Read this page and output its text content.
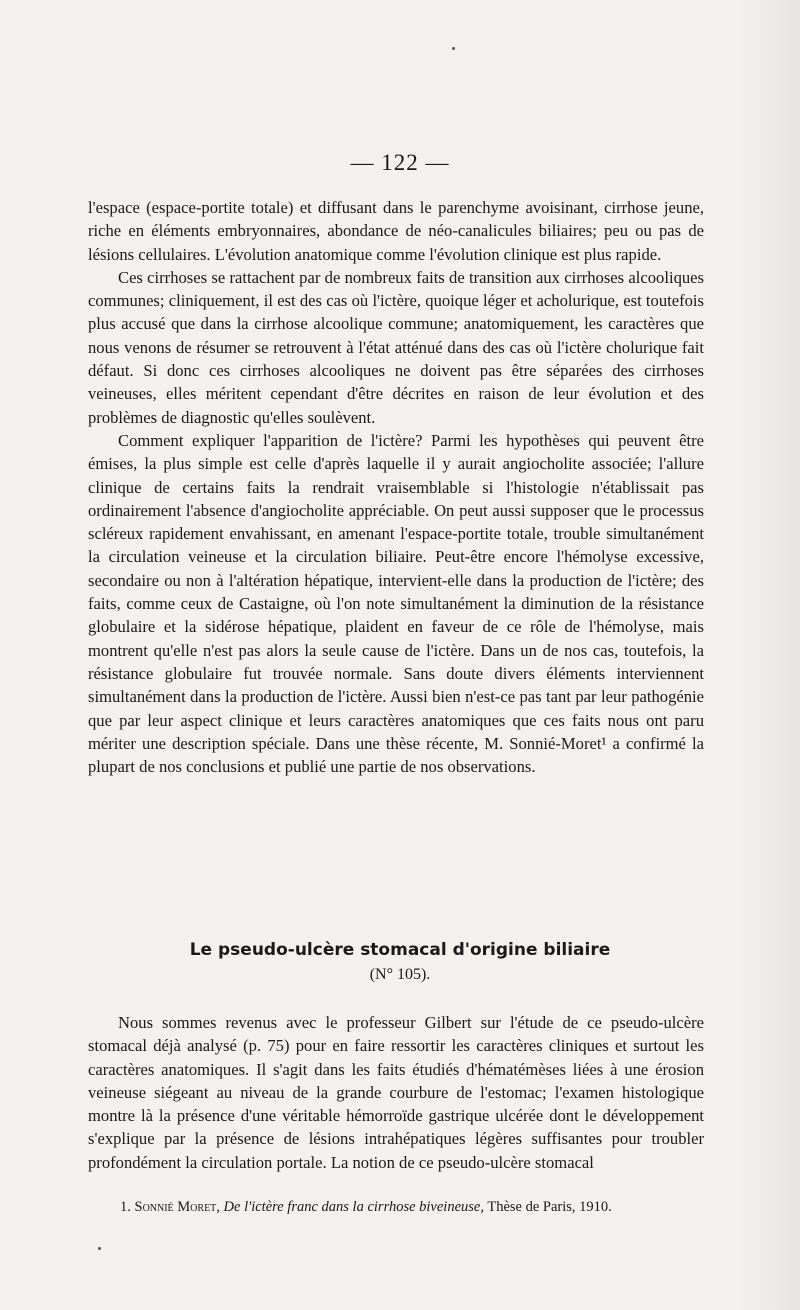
— 122 —

l'espace (espace-portite totale) et diffusant dans le parenchyme avoisinant, cirrhose jeune, riche en éléments embryonnaires, abondance de néo-canalicules biliaires; peu ou pas de lésions cellulaires. L'évolution anatomique comme l'évolution clinique est plus rapide.

Ces cirrhoses se rattachent par de nombreux faits de transition aux cirrhoses alcooliques communes; cliniquement, il est des cas où l'ictère, quoique léger et acholurique, est toutefois plus accusé que dans la cirrhose alcoolique commune; anatomiquement, les caractères que nous venons de résumer se retrouvent à l'état atténué dans des cas où l'ictère cholurique fait défaut. Si donc ces cirrhoses alcooliques ne doivent pas être séparées des cirrhoses veineuses, elles méritent cependant d'être décrites en raison de leur évolution et des problèmes de diagnostic qu'elles soulèvent.

Comment expliquer l'apparition de l'ictère? Parmi les hypothèses qui peuvent être émises, la plus simple est celle d'après laquelle il y aurait angiocholite associée; l'allure clinique de certains faits la rendrait vraisemblable si l'histologie n'établissait pas ordinairement l'absence d'angiocholite appréciable. On peut aussi supposer que le processus scléreux rapidement envahissant, en amenant l'espace-portite totale, trouble simultanément la circulation veineuse et la circulation biliaire. Peut-être encore l'hémolyse excessive, secondaire ou non à l'altération hépatique, intervient-elle dans la production de l'ictère; des faits, comme ceux de Castaigne, où l'on note simultanément la diminution de la résistance globulaire et la sidérose hépatique, plaident en faveur de ce rôle de l'hémolyse, mais montrent qu'elle n'est pas alors la seule cause de l'ictère. Dans un de nos cas, toutefois, la résistance globulaire fut trouvée normale. Sans doute divers éléments interviennent simultanément dans la production de l'ictère. Aussi bien n'est-ce pas tant par leur pathogénie que par leur aspect clinique et leurs caractères anatomiques que ces faits nous ont paru mériter une description spéciale. Dans une thèse récente, M. Sonnié-Moret¹ a confirmé la plupart de nos conclusions et publié une partie de nos observations.

Le pseudo-ulcère stomacal d'origine biliaire
(N° 105).

Nous sommes revenus avec le professeur Gilbert sur l'étude de ce pseudo-ulcère stomacal déjà analysé (p. 75) pour en faire ressortir les caractères cliniques et surtout les caractères anatomiques. Il s'agit dans les faits étudiés d'hématémèses liées à une érosion veineuse siégeant au niveau de la grande courbure de l'estomac; l'examen histologique montre là la présence d'une véritable hémorroïde gastrique ulcérée dont le développement s'explique par la présence de lésions intrahépatiques légères suffisantes pour troubler profondément la circulation portale. La notion de ce pseudo-ulcère stomacal

1. Sonnié Moret, De l'ictère franc dans la cirrhose biveineuse, Thèse de Paris, 1910.
